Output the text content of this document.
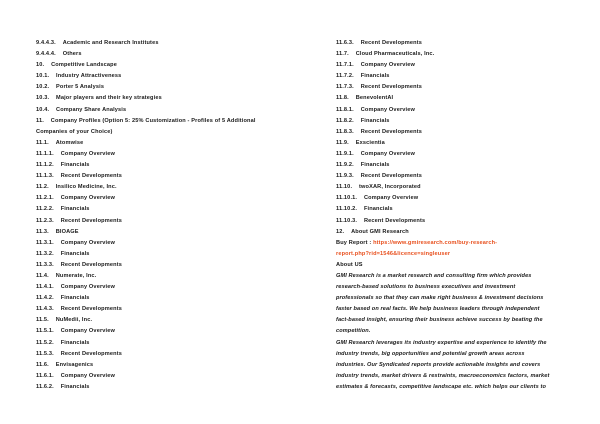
9.4.4.3. Academic and Research Institutes
9.4.4.4. Others
10. Competitive Landscape
10.1. Industry Attractiveness
10.2. Porter 5 Analysis
10.3. Major players and their key strategies
10.4. Company Share Analysis
11. Company Profiles (Option 5: 25% Customization - Profiles of 5 Additional
Companies of your Choice)
11.1. Atomwise
11.1.1. Company Overview
11.1.2. Financials
11.1.3. Recent Developments
11.2. Insilico Medicine, Inc.
11.2.1. Company Overview
11.2.2. Financials
11.2.3. Recent Developments
11.3. BIOAGE
11.3.1. Company Overview
11.3.2. Financials
11.3.3. Recent Developments
11.4. Numerate, Inc.
11.4.1. Company Overview
11.4.2. Financials
11.4.3. Recent Developments
11.5. NuMedii, Inc.
11.5.1. Company Overview
11.5.2. Financials
11.5.3. Recent Developments
11.6. Envisagenics
11.6.1. Company Overview
11.6.2. Financials
11.6.3. Recent Developments
11.7. Cloud Pharmaceuticals, Inc.
11.7.1. Company Overview
11.7.2. Financials
11.7.3. Recent Developments
11.8. BenevolentAI
11.8.1. Company Overview
11.8.2. Financials
11.8.3. Recent Developments
11.9. Exscientia
11.9.1. Company Overview
11.9.2. Financials
11.9.3. Recent Developments
11.10. twoXAR, Incorporated
11.10.1. Company Overview
11.10.2. Financials
11.10.3. Recent Developments
12. About GMI Research
Buy Report : https://www.gmiresearch.com/buy-research-
report.php?rid=1546&licence=singleuser
About US
GMI Research is a market research and consulting firm which provides
research-based solutions to business executives and investment
professionals so that they can make right business & investment decisions
faster based on real facts. We help business leaders through independent
fact-based insight, ensuring their business achieve success by beating the
competition.
GMI Research leverages its industry expertise and experience to identify the
industry trends, big opportunities and potential growth areas across
industries. Our Syndicated reports provide actionable insights and covers
industry trends, market drivers & restraints, macroeconomics factors, market
estimates & forecasts, competitive landscape etc. which helps our clients to
